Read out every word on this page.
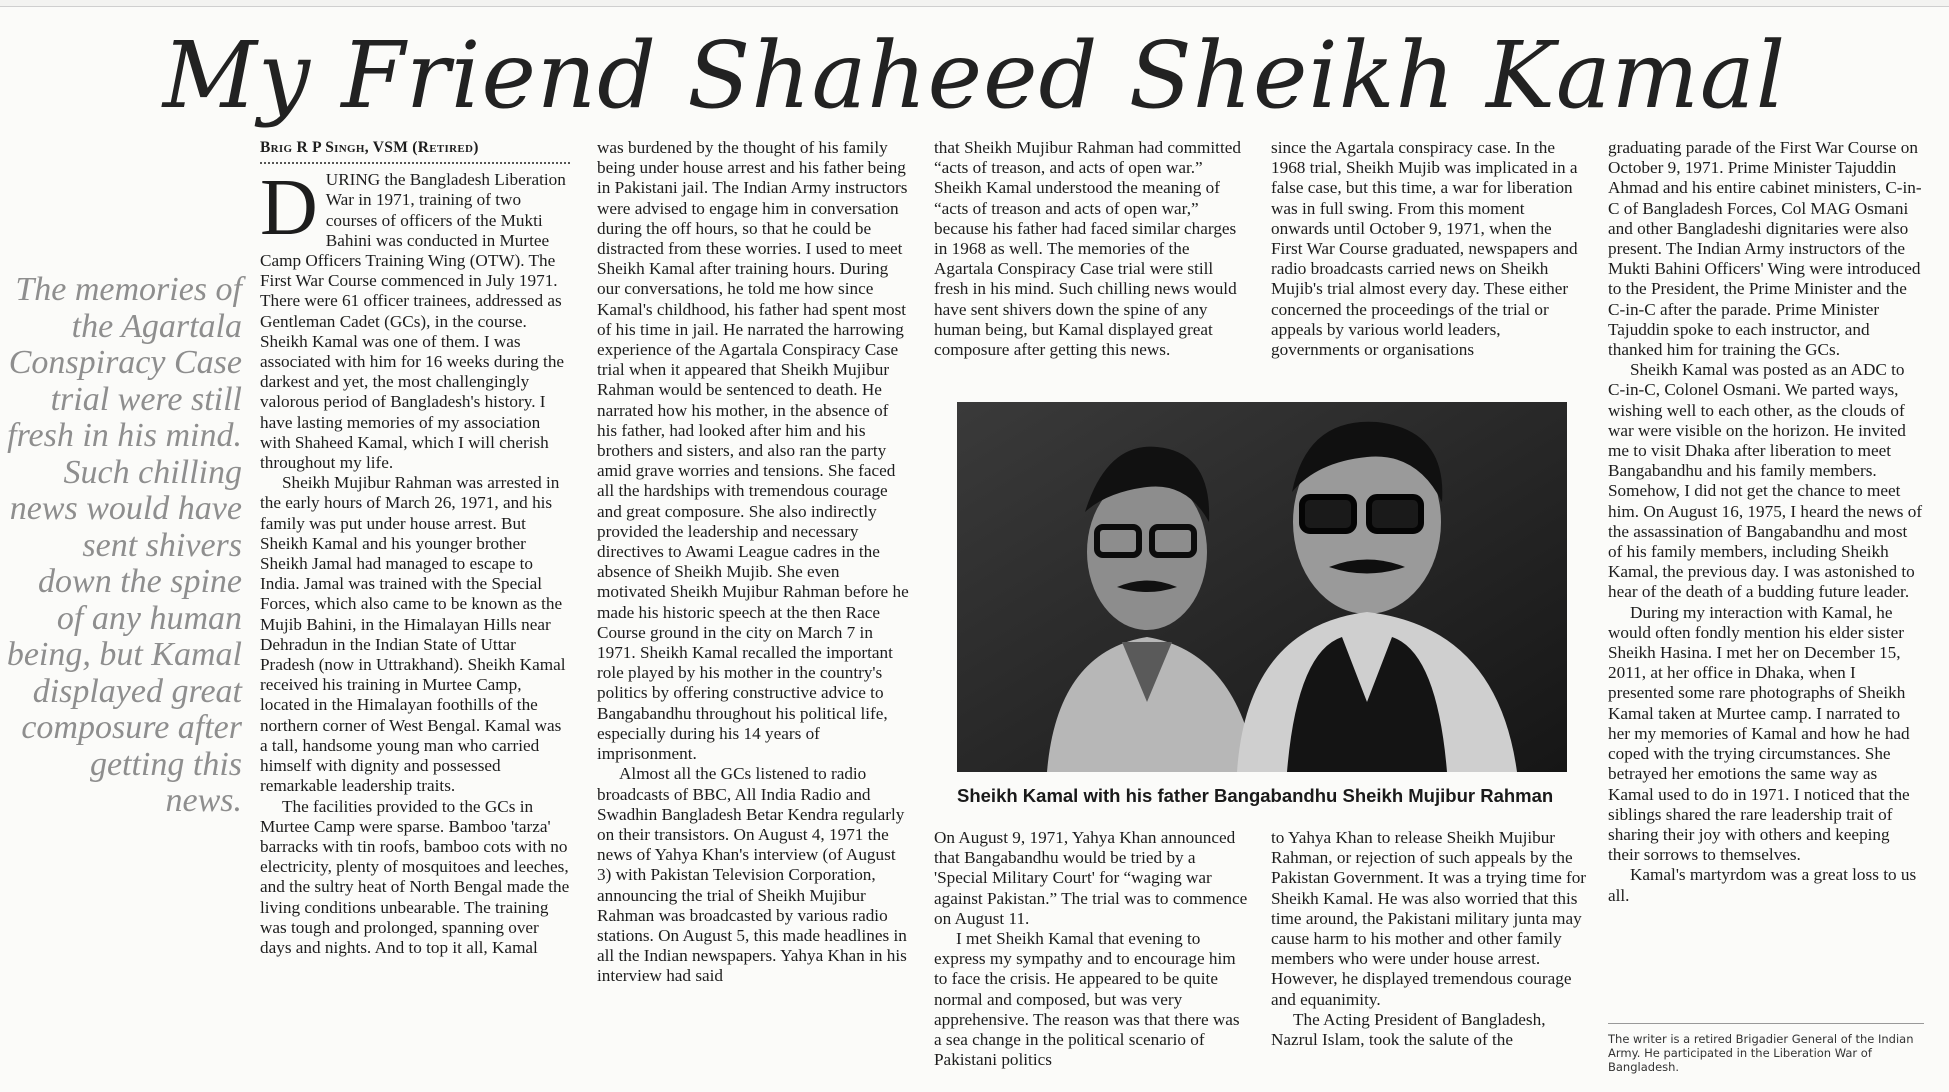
My Friend Shaheed Sheikh Kamal
The memories of the Agartala Conspiracy Case trial were still fresh in his mind. Such chilling news would have sent shivers down the spine of any human being, but Kamal displayed great composure after getting this news.
Brig R P Singh, VSM (Retired)

DURING the Bangladesh Liberation War in 1971, training of two courses of officers of the Mukti Bahini was conducted in Murtee Camp Officers Training Wing (OTW). The First War Course commenced in July 1971. There were 61 officer trainees, addressed as Gentleman Cadet (GCs), in the course. Sheikh Kamal was one of them. I was associated with him for 16 weeks during the darkest and yet, the most challengingly valorous period of Bangladesh's history. I have lasting memories of my association with Shaheed Kamal, which I will cherish throughout my life.

Sheikh Mujibur Rahman was arrested in the early hours of March 26, 1971, and his family was put under house arrest. But Sheikh Kamal and his younger brother Sheikh Jamal had managed to escape to India. Jamal was trained with the Special Forces, which also came to be known as the Mujib Bahini, in the Himalayan Hills near Dehradun in the Indian State of Uttar Pradesh (now in Uttrakhand). Sheikh Kamal received his training in Murtee Camp, located in the Himalayan foothills of the northern corner of West Bengal. Kamal was a tall, handsome young man who carried himself with dignity and possessed remarkable leadership traits.

The facilities provided to the GCs in Murtee Camp were sparse. Bamboo 'tarza' barracks with tin roofs, bamboo cots with no electricity, plenty of mosquitoes and leeches, and the sultry heat of North Bengal made the living conditions unbearable. The training was tough and prolonged, spanning over days and nights. And to top it all, Kamal

was burdened by the thought of his family being under house arrest and his father being in Pakistani jail. The Indian Army instructors were advised to engage him in conversation during the off hours, so that he could be distracted from these worries. I used to meet Sheikh Kamal after training hours. During our conversations, he told me how since Kamal's childhood, his father had spent most of his time in jail. He narrated the harrowing experience of the Agartala Conspiracy Case trial when it appeared that Sheikh Mujibur Rahman would be sentenced to death. He narrated how his mother, in the absence of his father, had looked after him and his brothers and sisters, and also ran the party amid grave worries and tensions. She faced all the hardships with tremendous courage and great composure. She also indirectly provided the leadership and necessary directives to Awami League cadres in the absence of Sheikh Mujib. She even motivated Sheikh Mujibur Rahman before he made his historic speech at the then Race Course ground in the city on March 7 in 1971. Sheikh Kamal recalled the important role played by his mother in the country's politics by offering constructive advice to Bangabandhu throughout his political life, especially during his 14 years of imprisonment.

Almost all the GCs listened to radio broadcasts of BBC, All India Radio and Swadhin Bangladesh Betar Kendra regularly on their transistors. On August 4, 1971 the news of Yahya Khan's interview (of August 3) with Pakistan Television Corporation, announcing the trial of Sheikh Mujibur Rahman was broadcasted by various radio stations. On August 5, this made headlines in all the Indian newspapers. Yahya Khan in his interview had said

that Sheikh Mujibur Rahman had committed “acts of treason, and acts of open war.” Sheikh Kamal understood the meaning of “acts of treason and acts of open war,” because his father had faced similar charges in 1968 as well. The memories of the Agartala Conspiracy Case trial were still fresh in his mind. Such chilling news would have sent shivers down the spine of any human being, but Kamal displayed great composure after getting this news.

since the Agartala conspiracy case. In the 1968 trial, Sheikh Mujib was implicated in a false case, but this time, a war for liberation was in full swing. From this moment onwards until October 9, 1971, when the First War Course graduated, newspapers and radio broadcasts carried news on Sheikh Mujib's trial almost every day. These either concerned the proceedings of the trial or appeals by various world leaders, governments or organisations

graduating parade of the First War Course on October 9, 1971. Prime Minister Tajuddin Ahmad and his entire cabinet ministers, C-in-C of Bangladesh Forces, Col MAG Osmani and other Bangladeshi dignitaries were also present. The Indian Army instructors of the Mukti Bahini Officers' Wing were introduced to the President, the Prime Minister and the C-in-C after the parade. Prime Minister Tajuddin spoke to each instructor, and thanked him for training the GCs.

Sheikh Kamal was posted as an ADC to C-in-C, Colonel Osmani. We parted ways, wishing well to each other, as the clouds of war were visible on the horizon. He invited me to visit Dhaka after liberation to meet Bangabandhu and his family members. Somehow, I did not get the chance to meet him. On August 16, 1975, I heard the news of the assassination of Bangabandhu and most of his family members, including Sheikh Kamal, the previous day. I was astonished to hear of the death of a budding future leader.

During my interaction with Kamal, he would often fondly mention his elder sister Sheikh Hasina. I met her on December 15, 2011, at her office in Dhaka, when I presented some rare photographs of Sheikh Kamal taken at Murtee camp. I narrated to her my memories of Kamal and how he had coped with the trying circumstances. She betrayed her emotions the same way as Kamal used to do in 1971. I noticed that the siblings shared the rare leadership trait of sharing their joy with others and keeping their sorrows to themselves.

Kamal's martyrdom was a great loss to us all.

Sheikh Kamal with his father Bangabandhu Sheikh Mujibur Rahman

On August 9, 1971, Yahya Khan announced that Bangabandhu would be tried by a 'Special Military Court' for “waging war against Pakistan.” The trial was to commence on August 11.

I met Sheikh Kamal that evening to express my sympathy and to encourage him to face the crisis. He appeared to be quite normal and composed, but was very apprehensive. The reason was that there was a sea change in the political scenario of Pakistani politics

to Yahya Khan to release Sheikh Mujibur Rahman, or rejection of such appeals by the Pakistan Government. It was a trying time for Sheikh Kamal. He was also worried that this time around, the Pakistani military junta may cause harm to his mother and other family members who were under house arrest. However, he displayed tremendous courage and equanimity.

The Acting President of Bangladesh, Nazrul Islam, took the salute of the	The writer is a retired Brigadier General of the Indian Army. He participated in the Liberation War of Bangladesh.
